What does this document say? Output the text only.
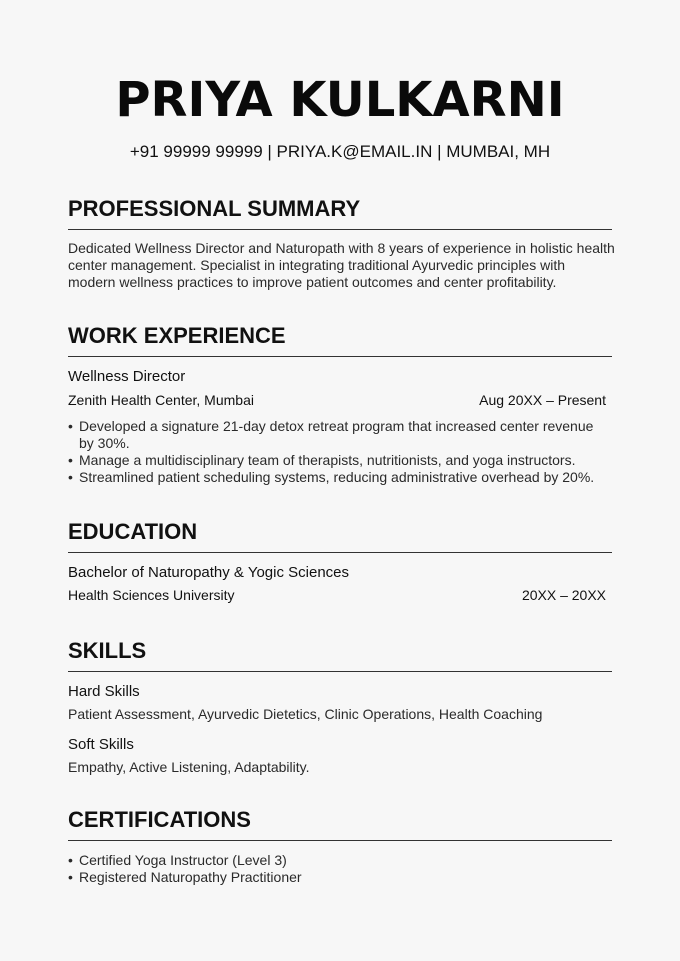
PRIYA KULKARNI
+91 99999 99999 | PRIYA.K@EMAIL.IN | MUMBAI, MH
PROFESSIONAL SUMMARY
Dedicated Wellness Director and Naturopath with 8 years of experience in holistic health center management. Specialist in integrating traditional Ayurvedic principles with modern wellness practices to improve patient outcomes and center profitability.
WORK EXPERIENCE
Wellness Director
Zenith Health Center, Mumbai	Aug 20XX – Present
• Developed a signature 21-day detox retreat program that increased center revenue by 30%.
• Manage a multidisciplinary team of therapists, nutritionists, and yoga instructors.
• Streamlined patient scheduling systems, reducing administrative overhead by 20%.
EDUCATION
Bachelor of Naturopathy & Yogic Sciences
Health Sciences University	20XX – 20XX
SKILLS
Hard Skills
Patient Assessment, Ayurvedic Dietetics, Clinic Operations, Health Coaching
Soft Skills
Empathy, Active Listening, Adaptability.
CERTIFICATIONS
• Certified Yoga Instructor (Level 3)
• Registered Naturopathy Practitioner
